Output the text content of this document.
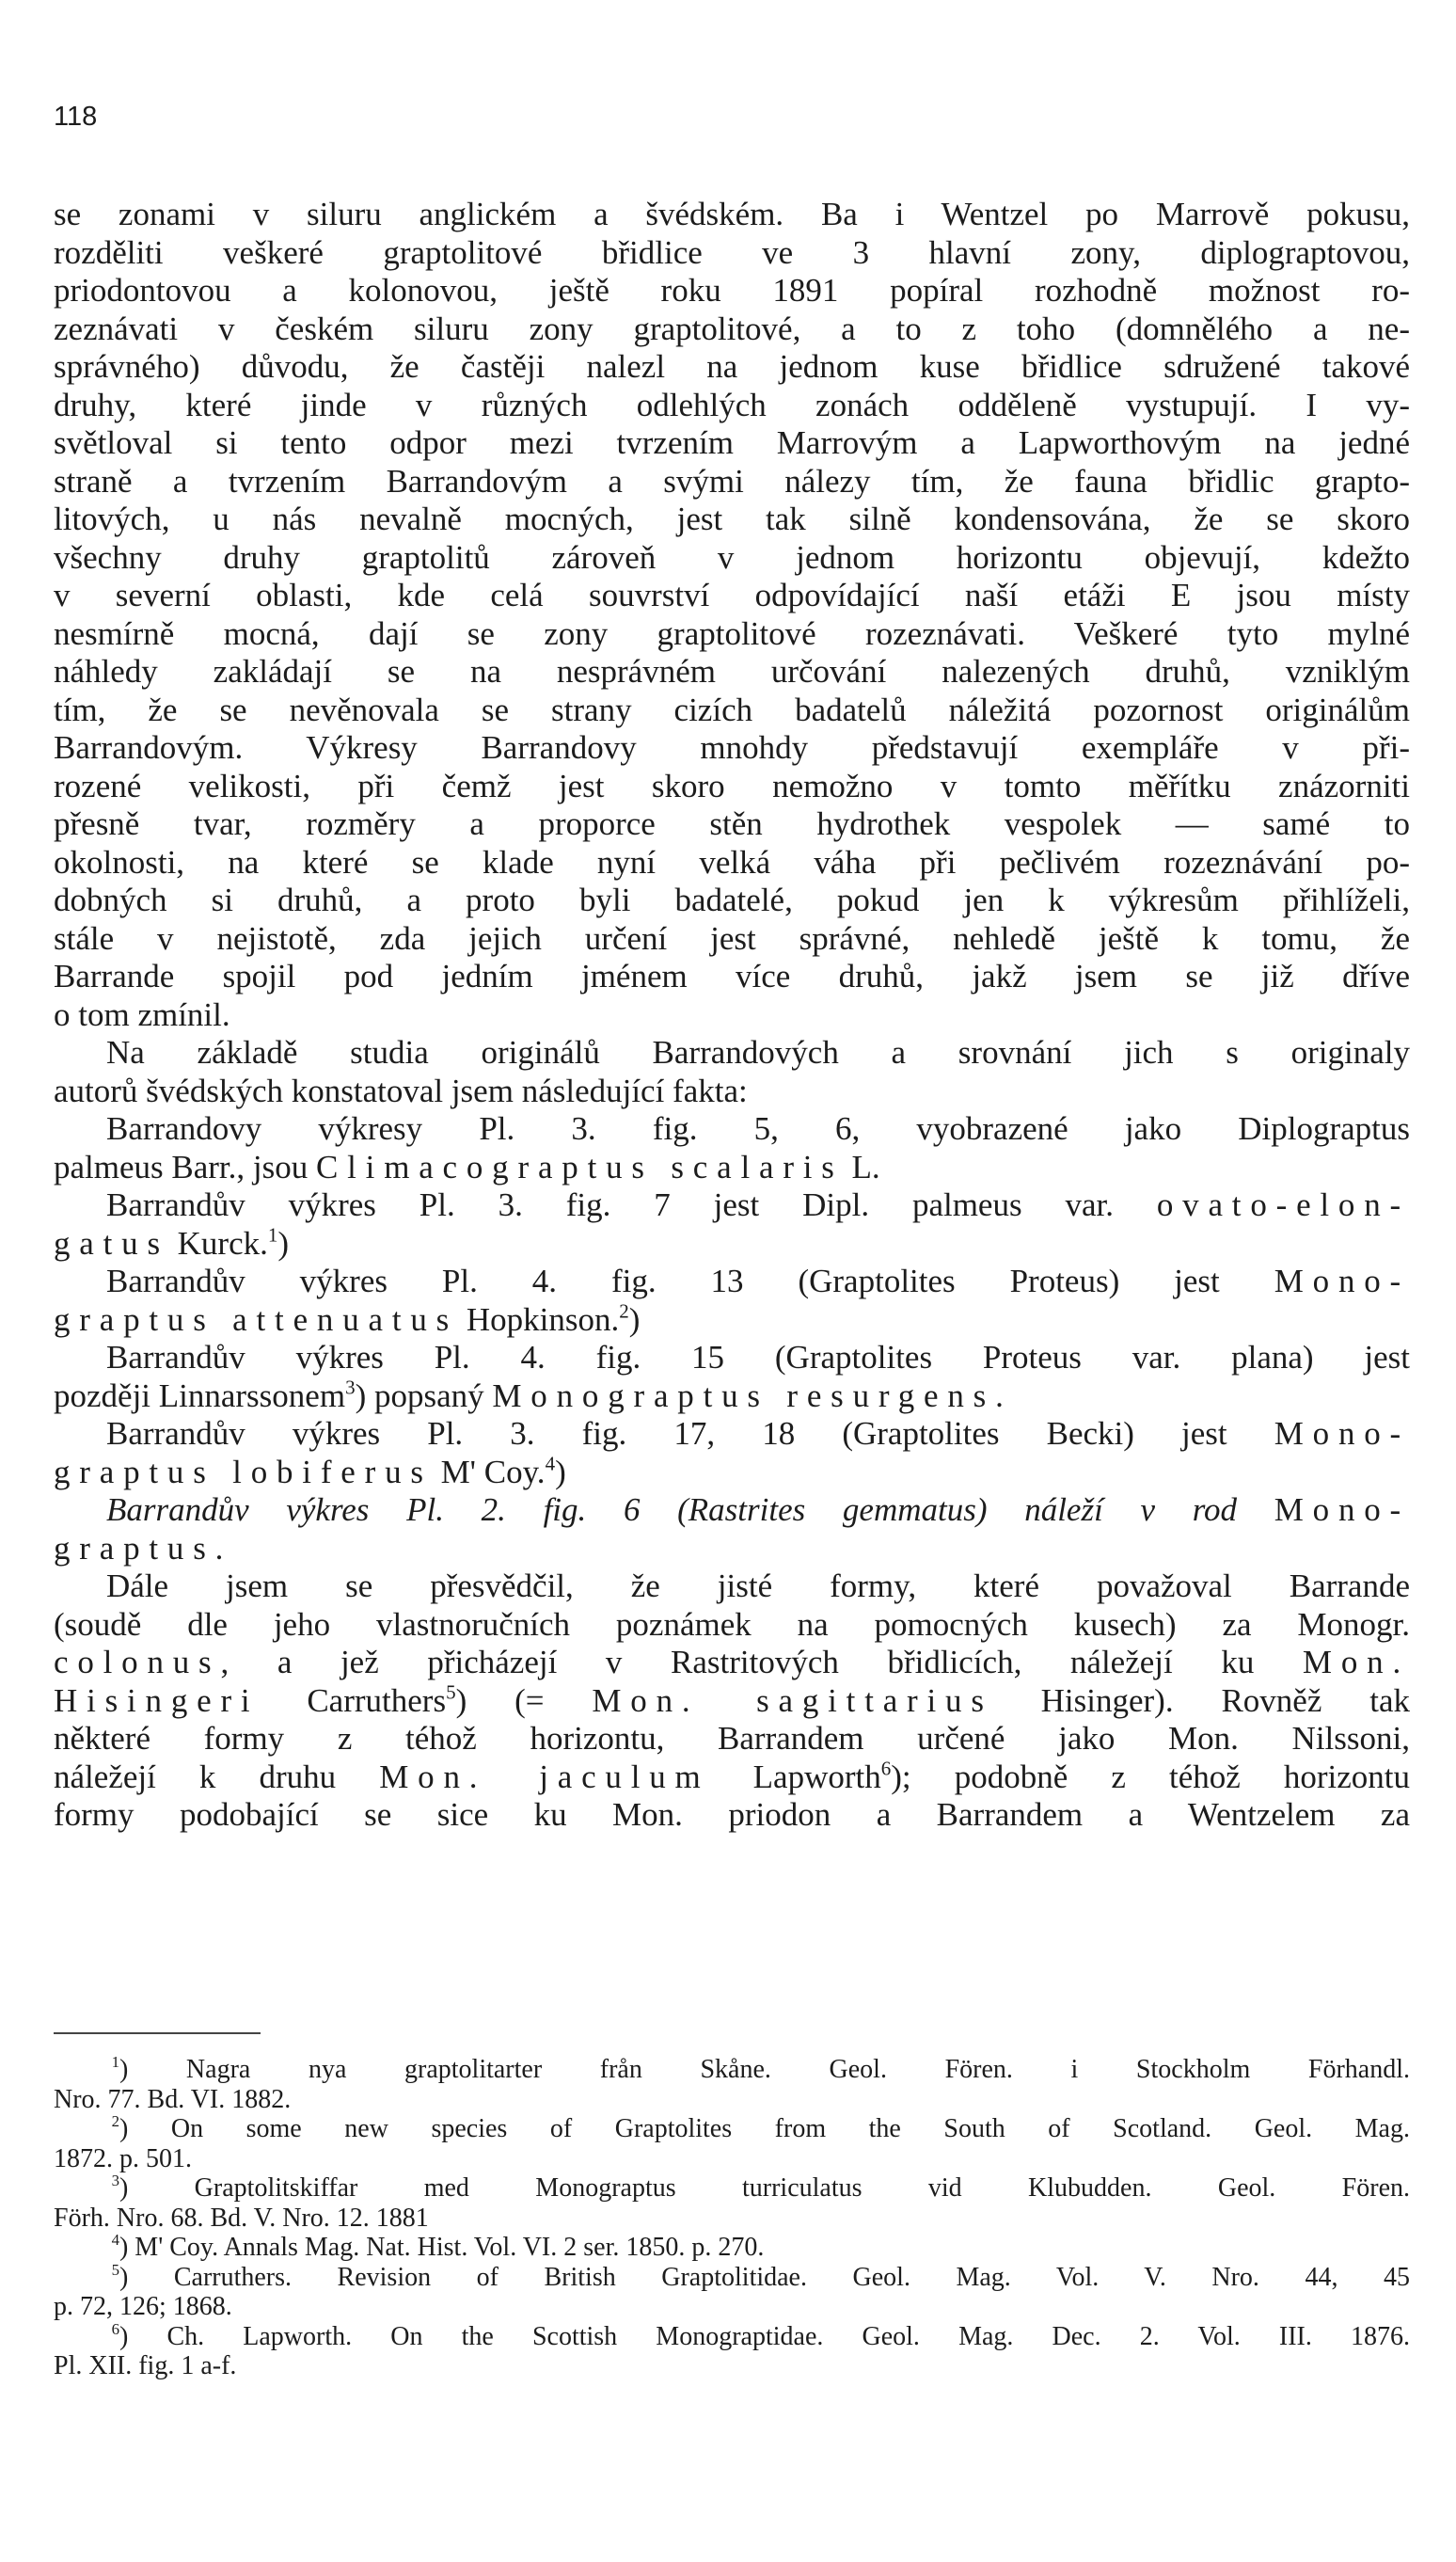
118
se zonami v siluru anglickém a švédském. Ba i Wentzel po Marrově pokusu,
rozděliti veškeré graptolitové břidlice ve 3 hlavní zony, diplograptovou,
priodontovou a kolonovou, ještě roku 1891 popíral rozhodně možnost ro-
zeznávati v českém siluru zony graptolitové, a to z toho (domnělého a ne-
správného) důvodu, že častěji nalezl na jednom kuse břidlice sdružené takové
druhy, které jinde v různých odlehlých zonách odděleně vystupují. I vy-
světloval si tento odpor mezi tvrzením Marrovým a Lapworthovým na jedné
straně a tvrzením Barrandovým a svými nálezy tím, že fauna břidlic grapto-
litových, u nás nevalně mocných, jest tak silně kondensována, že se skoro
všechny druhy graptolitů zároveň v jednom horizontu objevují, kdežto
v severní oblasti, kde celá souvrství odpovídající naší etáži E jsou místy
nesmírně mocná, dají se zony graptolitové rozeznávati. Veškeré tyto mylné
náhledy zakládají se na nesprávném určování nalezených druhů, vzniklým
tím, že se nevěnovala se strany cizích badatelů náležitá pozornost originálům
Barrandovým. Výkresy Barrandovy mnohdy představují exempláře v při-
rozené velikosti, při čemž jest skoro nemožno v tomto měřítku znázorniti
přesně tvar, rozměry a proporce stěn hydrothek vespolek — samé to
okolnosti, na které se klade nyní velká váha při pečlivém rozeznávání po-
dobných si druhů, a proto byli badatelé, pokud jen k výkresům přihlíželi,
stále v nejistotě, zda jejich určení jest správné, nehledě ještě k tomu, že
Barrande spojil pod jedním jménem více druhů, jakž jsem se již dříve
o tom zmínil.
Na základě studia originálů Barrandových a srovnání jich s originaly
autorů švédských konstatoval jsem následující fakta:
Barrandovy výkresy Pl. 3. fig. 5, 6, vyobrazené jako Diplograptus
palmeus Barr., jsou Climacograptus scalaris L.
Barrandův výkres Pl. 3. fig. 7 jest Dipl. palmeus var. ovato-elon-
gatus Kurck.$^1$)
Barrandův výkres Pl. 4. fig. 13 (Graptolites Proteus) jest Mono-
graptus attenuatus Hopkinson.$^2$)
Barrandův výkres Pl. 4. fig. 15 (Graptolites Proteus var. plana) jest
později Linnarssonem$^3$) popsaný Monograptus resurgens.
Barrandův výkres Pl. 3. fig. 17, 18 (Graptolites Becki) jest Mono-
graptus lobiferus M' Coy.$^4$)
Barrandův výkres Pl. 2. fig. 6 (Rastrites gemmatus) náleží v rod Mono-
graptus.
Dále jsem se přesvědčil, že jisté formy, které považoval Barrande
(soudě dle jeho vlastnoručních poznámek na pomocných kusech) za Monogr.
colonus, a jež přicházejí v Rastritových břidlicích, náležejí ku Mon.
Hisingeri Carruthers$^5$) (= Mon. sagittarius Hisinger). Rovněž tak
některé formy z téhož horizontu, Barrandem určené jako Mon. Nilssoni,
náležejí k druhu Mon. jaculum Lapworth$^6$); podobně z téhož horizontu
formy podobající se sice ku Mon. priodon a Barrandem a Wentzelem za
$^1$) Nagra nya graptolitarter från Skåne. Geol. Fören. i Stockholm Förhandl.
Nro. 77. Bd. VI. 1882.
$^2$) On some new species of Graptolites from the South of Scotland. Geol. Mag.
1872. p. 501.
$^3$) Graptolitskiffar med Monograptus turriculatus vid Klubudden. Geol. Fören.
Förh. Nro. 68. Bd. V. Nro. 12. 1881
$^4$) M' Coy. Annals Mag. Nat. Hist. Vol. VI. 2 ser. 1850. p. 270.
$^5$) Carruthers. Revision of British Graptolitidae. Geol. Mag. Vol. V. Nro. 44, 45
p. 72, 126; 1868.
$^6$) Ch. Lapworth. On the Scottish Monograptidae. Geol. Mag. Dec. 2. Vol. III. 1876.
Pl. XII. fig. 1 a-f.
